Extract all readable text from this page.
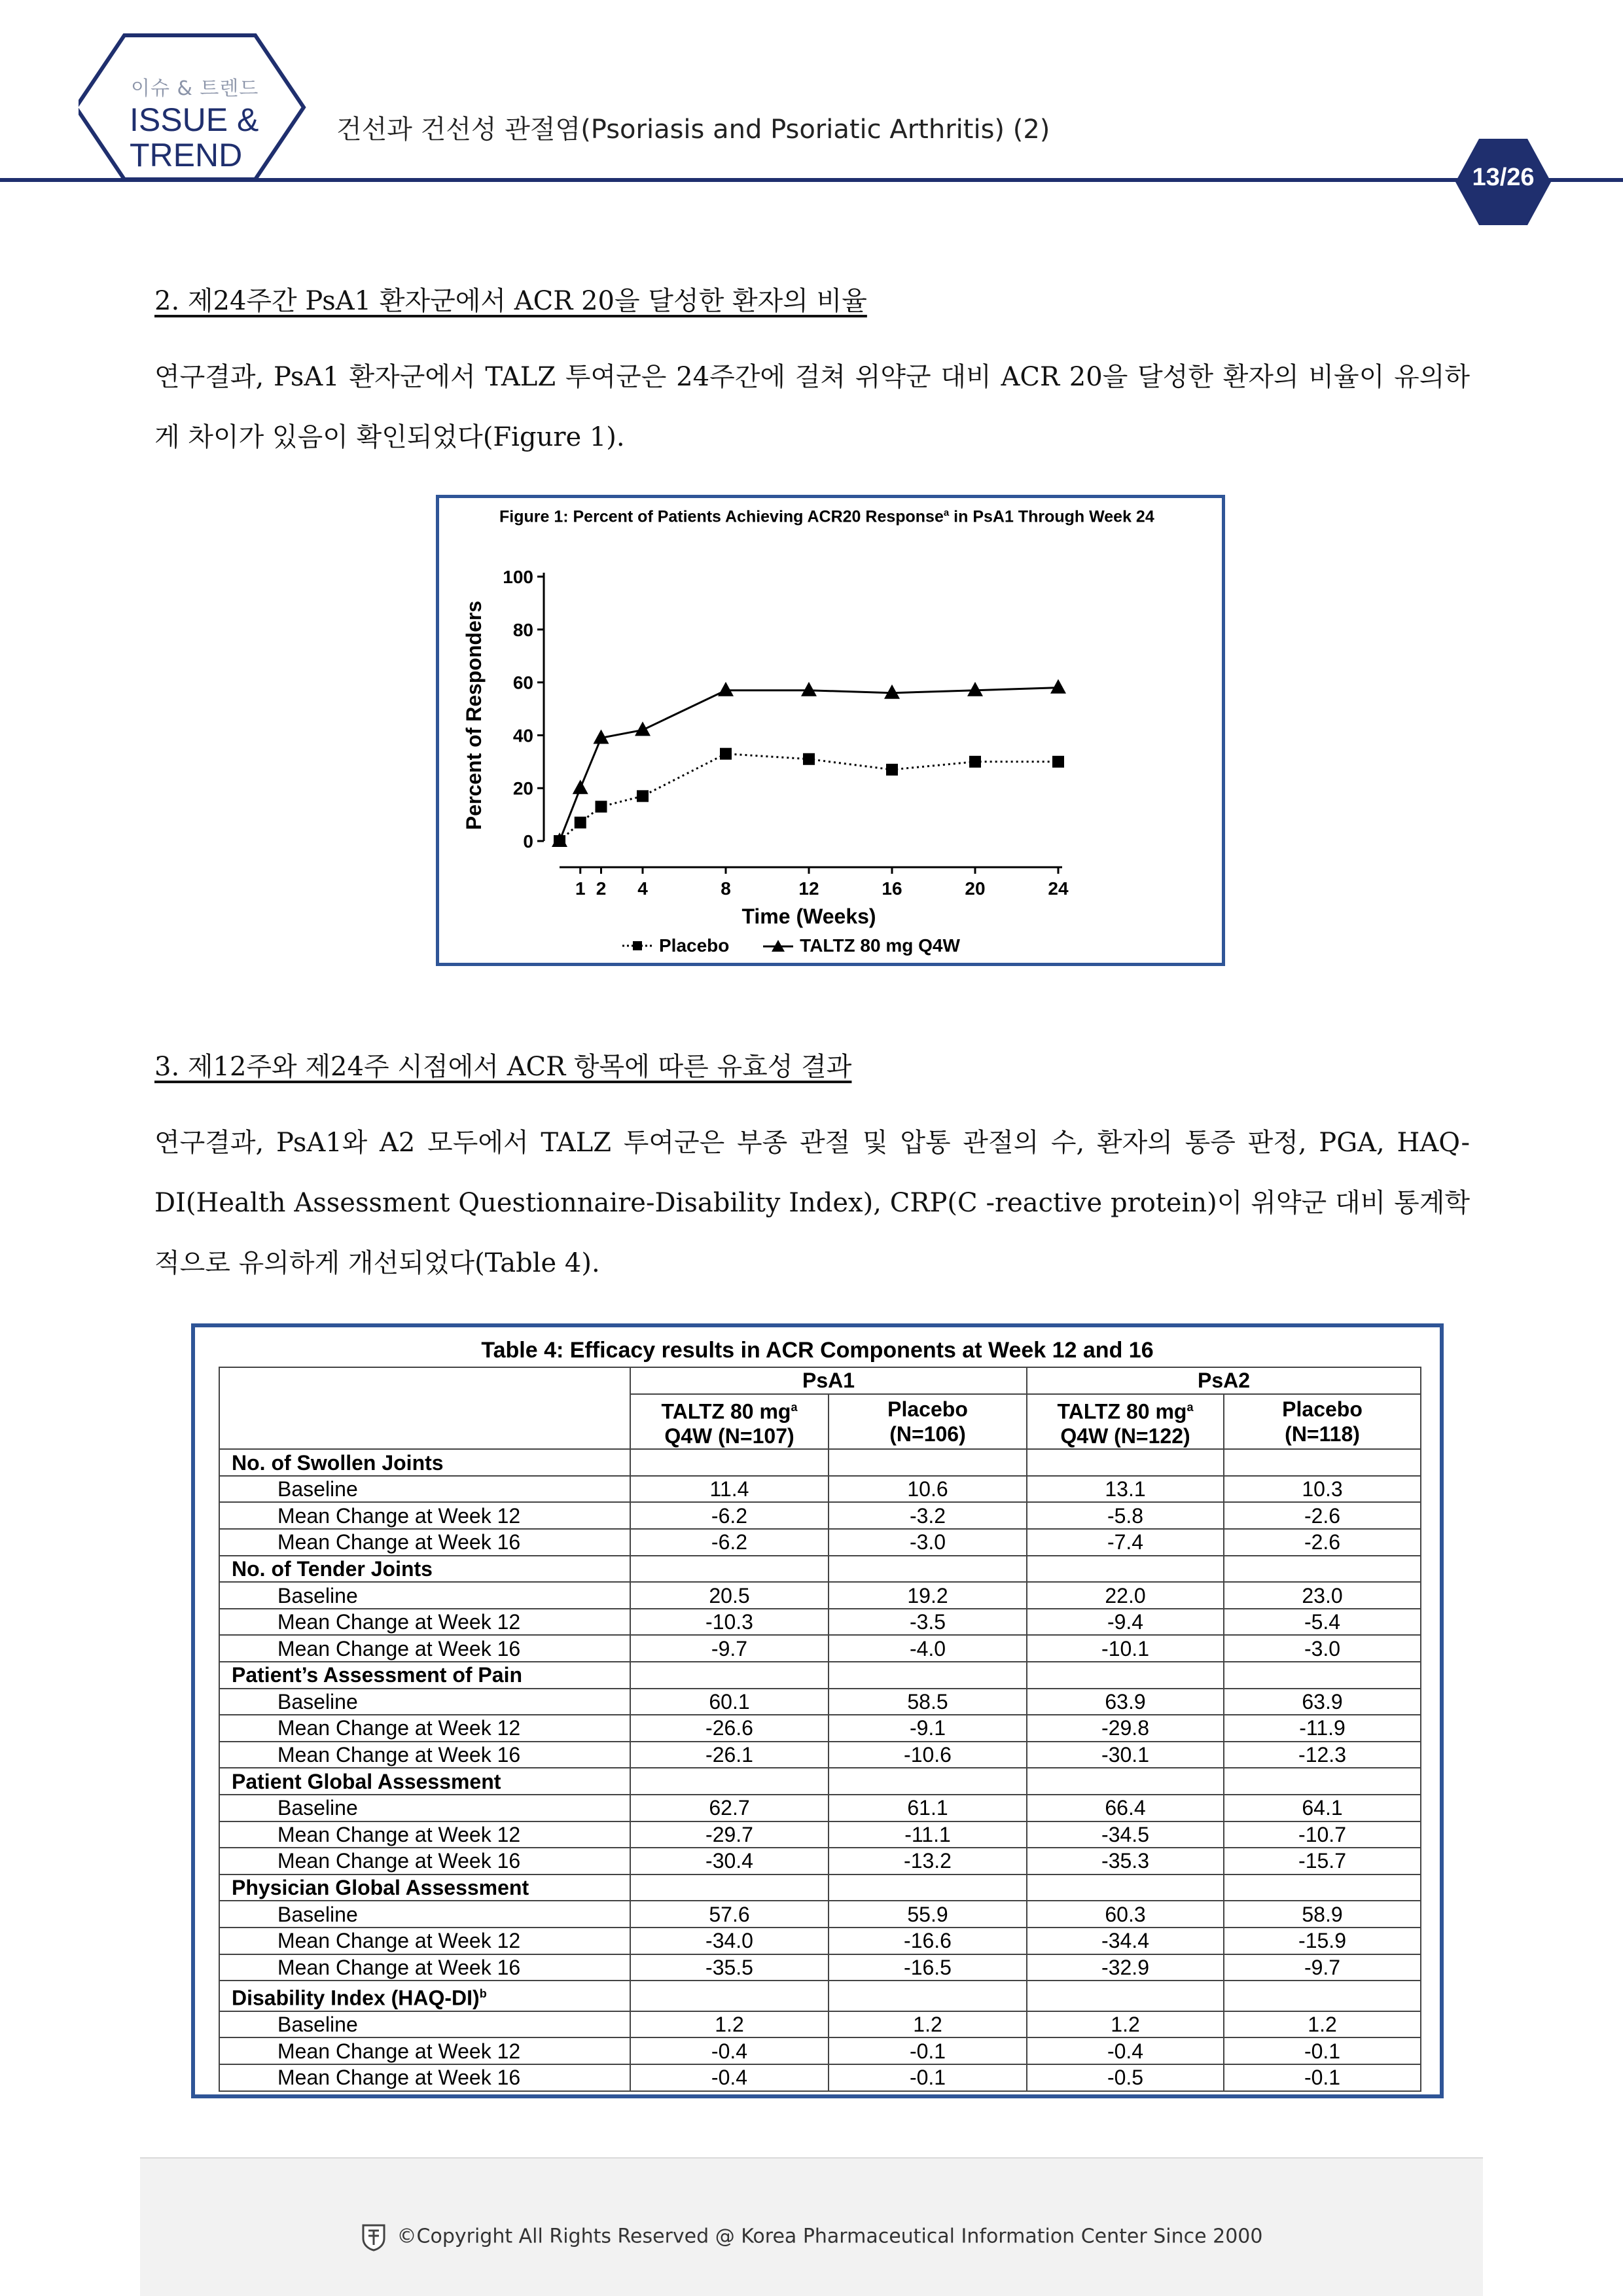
이슈 & 트렌드
ISSUE &
TREND
건선과 건선성 관절염(Psoriasis and Psoriatic Arthritis) (2)
13/26
2. 제24주간 PsA1 환자군에서 ACR 20을 달성한 환자의 비율
연구결과, PsA1 환자군에서 TALZ 투여군은 24주간에 걸쳐 위약군 대비 ACR 20을 달성한 환자의 비율이 유의하게 차이가 있음이 확인되었다(Figure 1).
Figure 1: Percent of Patients Achieving ACR20 Response$^a$ in PsA1 Through Week 24
0
20
40
60
80
100
1 2 4	8	12	16	20	24
Time (Weeks)
Percent of Responders
Placebo
	TALTZ 80 mg Q4W
3. 제12주와 제24주 시점에서 ACR 항목에 따른 유효성 결과
연구결과, PsA1와 A2 모두에서 TALZ 투여군은 부종 관절 및 압통 관절의 수, 환자의 통증 판정, PGA, HAQ-DI(Health Assessment Questionnaire-Disability Index), CRP(C -reactive protein)이 위약군 대비 통계학적으로 유의하게 개선되었다(Table 4).
Table 4: Efficacy results in ACR Components at Week 12 and 16
	PsA1		PsA2	
	TALTZ 80 $mg^a$
Q4W (N=107)	Placebo
(N=106)	TALTZ 80 $mg^a$
Q4W (N=122)	Placebo
(N=118)
No. of Swollen Joints				
Baseline	11.4	10.6	13.1	10.3
Mean Change at Week 12	-6.2	-3.2	-5.8	-2.6
Mean Change at Week 16	-6.2	-3.0	-7.4	-2.6
No. of Tender Joints				
Baseline	20.5	19.2	22.0	23.0
Mean Change at Week 12	-10.3	-3.5	-9.4	-5.4
Mean Change at Week 16	-9.7	-4.0	-10.1	-3.0
Patient’s Assessment of Pain				
Baseline	60.1	58.5	63.9	63.9
Mean Change at Week 12	-26.6	-9.1	-29.8	-11.9
Mean Change at Week 16	-26.1	-10.6	-30.1	-12.3
Patient Global Assessment				
Baseline	62.7	61.1	66.4	64.1
Mean Change at Week 12	-29.7	-11.1	-34.5	-10.7
Mean Change at Week 16	-30.4	-13.2	-35.3	-15.7
Physician Global Assessment				
Baseline	57.6	55.9	60.3	58.9
Mean Change at Week 12	-34.0	-16.6	-34.4	-15.9
Mean Change at Week 16	-35.5	-16.5	-32.9	-9.7
Disability Index $(HAQ-DI)^b$				
Baseline	1.2	1.2	1.2	1.2
Mean Change at Week 12	-0.4	-0.1	-0.4	-0.1
Mean Change at Week 16	-0.4	-0.1	-0.5	-0.1
©Copyright All Rights Reserved @ Korea Pharmaceutical Information Center Since 2000
